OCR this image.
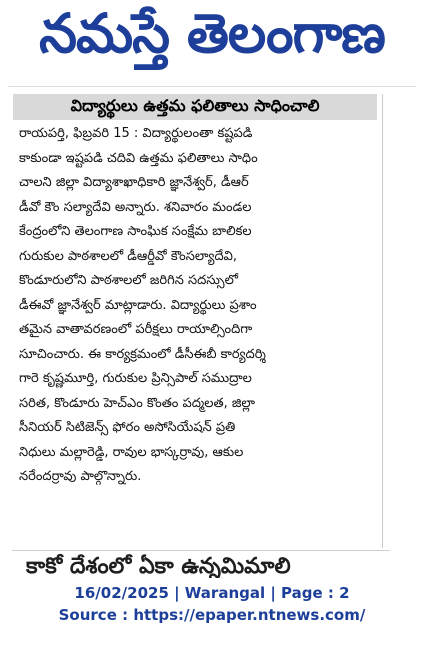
నమస్తే తెలంగాణ
విద్యార్థులు ఉత్తమ ఫలితాలు సాధించాలి
రాయపర్తి, ఫిబ్రవరి 15 : విద్యార్థులంతా కష్టపడి
కాకుండా ఇష్టపడి చదివి ఉత్తమ ఫలితాలు సాధిం
చాలని జిల్లా విద్యాశాఖాధికారి జ్ఞానేశ్వర్, డీఆర్
డీవో కౌం సల్యాదేవి అన్నారు. శనివారం మండల
కేంద్రంలోని తెలంగాణ సాంఘిక సంక్షేమ బాలికల
గురుకుల పాఠశాలలో డీఆర్డీవో కౌంసల్యాదేవి,
కొండూరులోని పాఠశాలలో జరిగిన సదస్సులో
డీఈవో జ్ఞానేశ్వర్ మాట్లాడారు. విద్యార్థులు ప్రశాం
తమైన వాతావరణంలో పరీక్షలు రాయాల్సిందిగా
సూచించారు. ఈ కార్యక్రమంలో డీసీఈబీ కార్యదర్శి
గారె కృష్ణమూర్తి, గురుకుల ప్రిన్సిపాల్ సముద్రాల
సరిత, కొండూరు హెచ్ఎం కొంతం పద్మలత, జిల్లా
సీనియర్ సిటిజెన్స్ ఫోరం అసోసియేషన్ ప్రతి
నిధులు మల్లారెడ్డి, రావుల భాస్కర్రావు, ఆకుల
నరేందర్రావు పాల్గొన్నారు.
కాకో దేశంలో ఏకా ఉన్నమిమాలి
16/02/2025 | Warangal | Page : 2
Source : https://epaper.ntnews.com/
